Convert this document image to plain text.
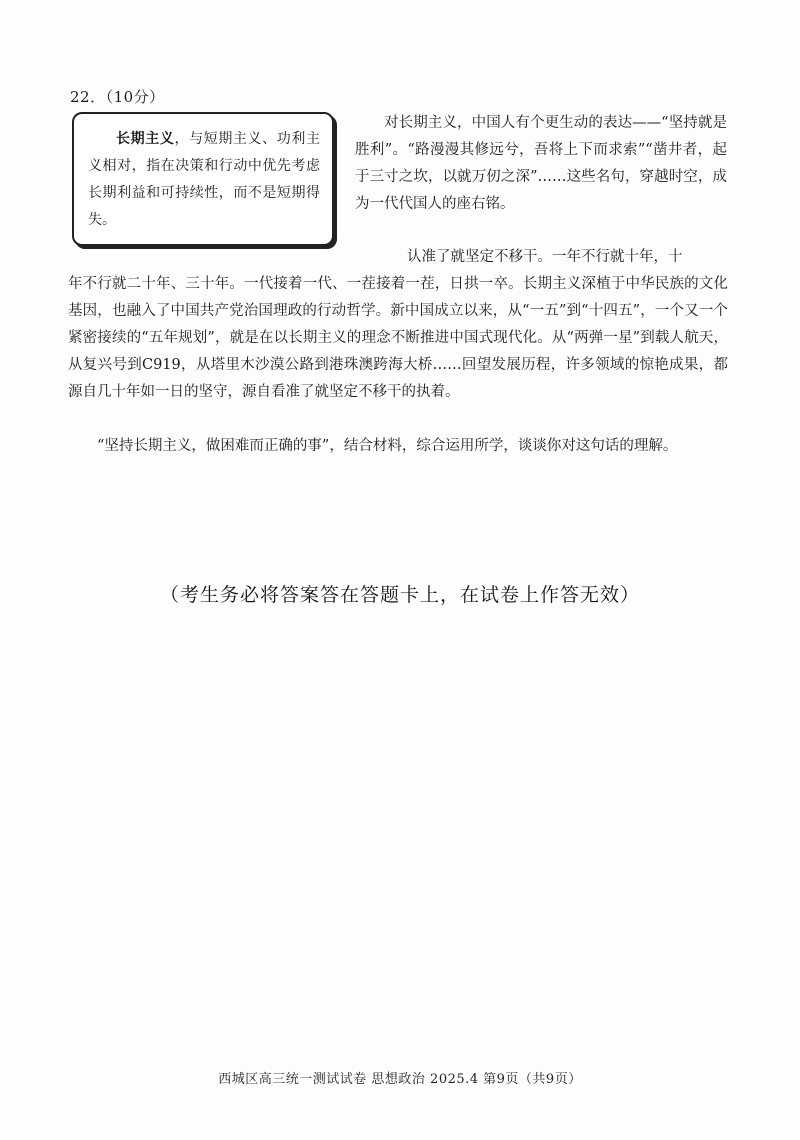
22．（10分）

长期主义，与短期主义、功利主义相对，指在决策和行动中优先考虑长期利益和可持续性，而不是短期得失。

对长期主义，中国人有个更生动的表达——“坚持就是胜利”。“路漫漫其修远兮，吾将上下而求索”“凿井者，起于三寸之坎，以就万仞之深”……这些名句，穿越时空，成为一代代国人的座右铭。

认准了就坚定不移干。一年不行就十年，十
年不行就二十年、三十年。一代接着一代、一茬接着一茬，日拱一卒。长期主义深植于中华民族的文化基因，也融入了中国共产党治国理政的行动哲学。新中国成立以来，从“一五”到“十四五”，一个又一个紧密接续的“五年规划”，就是在以长期主义的理念不断推进中国式现代化。从“两弹一星”到载人航天，从复兴号到C919，从塔里木沙漠公路到港珠澳跨海大桥……回望发展历程，许多领域的惊艳成果，都源自几十年如一日的坚守，源自看准了就坚定不移干的执着。

“坚持长期主义，做困难而正确的事”，结合材料，综合运用所学，谈谈你对这句话的理解。

（考生务必将答案答在答题卡上，在试卷上作答无效）
西城区高三统一测试试卷 思想政治 2025.4 第9页（共9页）
